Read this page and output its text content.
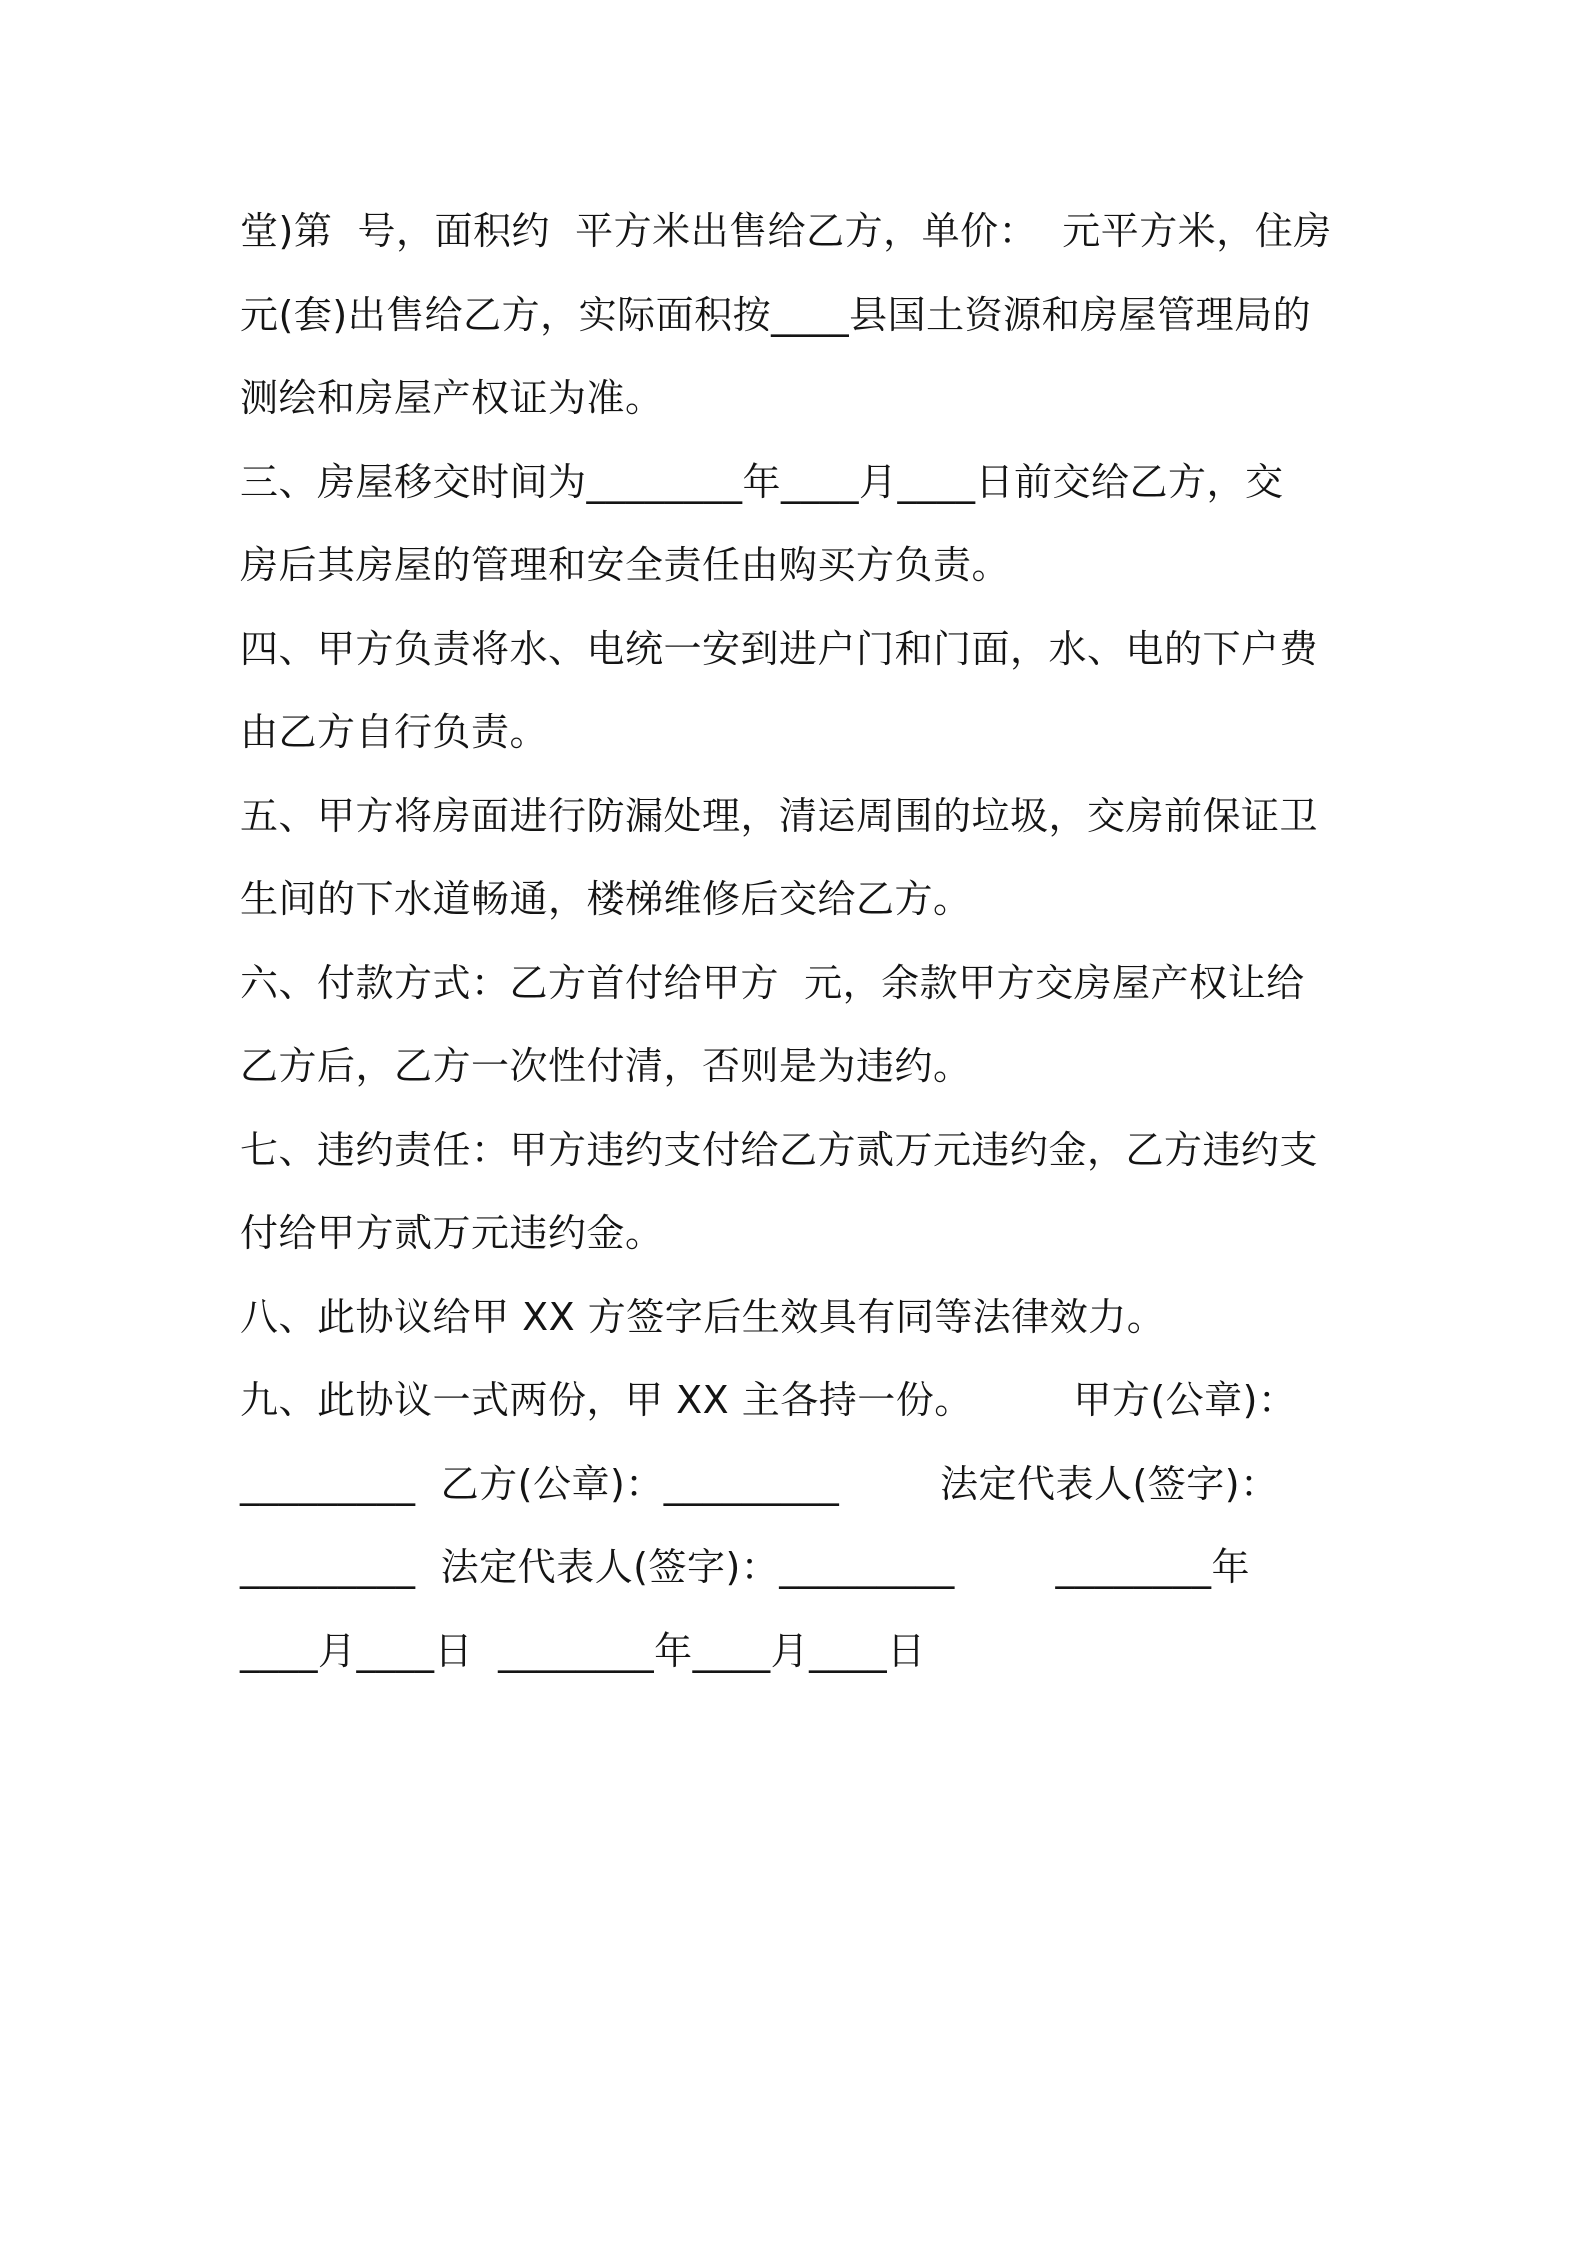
堂)第  号，面积约  平方米出售给乙方，单价：  元平方米，住房
元(套)出售给乙方，实际面积按____县国土资源和房屋管理局的
测绘和房屋产权证为准。
三、房屋移交时间为________年____月____日前交给乙方，交
房后其房屋的管理和安全责任由购买方负责。
四、甲方负责将水、电统一安到进户门和门面，水、电的下户费
由乙方自行负责。
五、甲方将房面进行防漏处理，清运周围的垃圾，交房前保证卫
生间的下水道畅通，楼梯维修后交给乙方。
六、付款方式：乙方首付给甲方  元，余款甲方交房屋产权让给
乙方后，乙方一次性付清，否则是为违约。
七、违约责任：甲方违约支付给乙方贰万元违约金，乙方违约支
付给甲方贰万元违约金。
八、此协议给甲 XX 方签字后生效具有同等法律效力。
九、此协议一式两份，甲 XX 主各持一份。        甲方(公章)：
_________  乙方(公章)：_________        法定代表人(签字)：
_________  法定代表人(签字)：_________        ________年
____月____日  ________年____月____日
